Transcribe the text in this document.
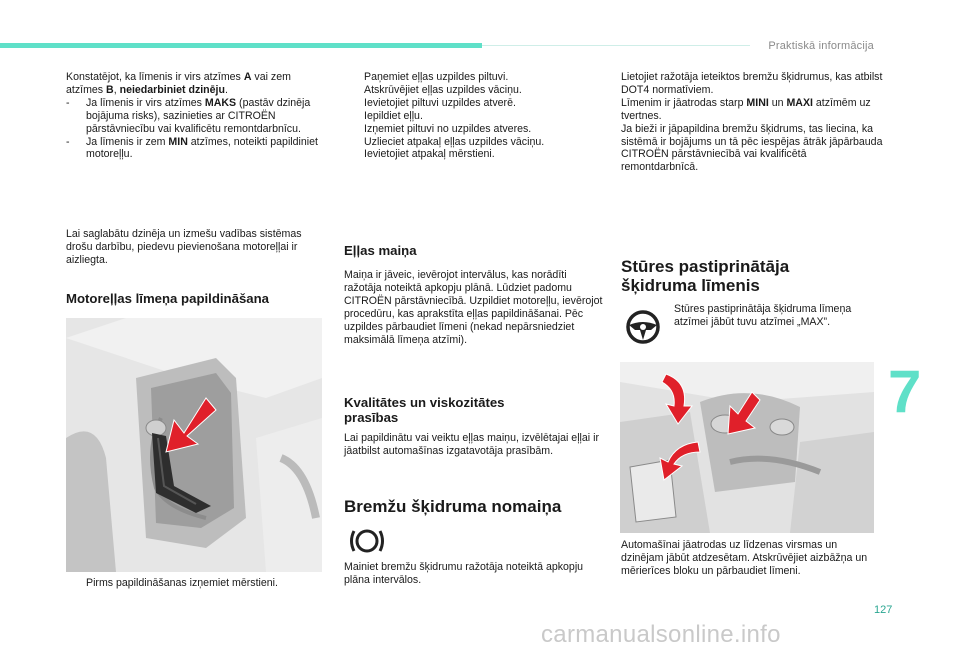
Praktiskā informācija
Konstatējot, ka līmenis ir virs atzīmes A vai zem atzīmes B, neiedarbiniet dzinēju.
- Ja līmenis ir virs atzīmes MAKS (pastāv dzinēja bojājuma risks), sazinieties ar CITROËN pārstāvniecību vai kvalificētu remontdarbnīcu.
- Ja līmenis ir zem MIN atzīmes, noteikti papildiniet motoreļļu.
Lai saglabātu dzinēja un izmešu vadības sistēmas drošu darbību, piedevu pievienošana motoreļļai ir aizliegta.
Motoreļļas līmeņa papildināšana
Pirms papildināšanas izņemiet mērstieni.
Paņemiet eļļas uzpildes piltuvi.
Atskrūvējiet eļļas uzpildes vāciņu.
Ievietojiet piltuvi uzpildes atverē.
Iepildiet eļļu.
Izņemiet piltuvi no uzpildes atveres.
Uzlieciet atpakaļ eļļas uzpildes vāciņu.
Ievietojiet atpakaļ mērstieni.
Eļļas maiņa
Maiņa ir jāveic, ievērojot intervālus, kas norādīti ražotāja noteiktā apkopju plānā. Lūdziet padomu CITROËN pārstāvniecībā. Uzpildiet motoreļļu, ievērojot procedūru, kas aprakstīta eļļas papildināšanai. Pēc uzpildes pārbaudiet līmeni (nekad nepārsniedziet maksimālā līmeņa atzīmi).
Kvalitātes un viskozitātes
prasības
Lai papildinātu vai veiktu eļļas maiņu, izvēlētajai eļļai ir jāatbilst automašīnas izgatavotāja prasībām.
Bremžu šķidruma nomaiņa
Mainiet bremžu šķidrumu ražotāja noteiktā apkopju plāna intervālos.
Lietojiet ražotāja ieteiktos bremžu šķidrumus, kas atbilst DOT4 normatīviem.
Līmenim ir jāatrodas starp MINI un MAXI atzīmēm uz tvertnes.
Ja bieži ir jāpapildina bremžu šķidrums, tas liecina, ka sistēmā ir bojājums un tā pēc iespējas ātrāk jāpārbauda CITROËN pārstāvniecībā vai kvalificētā remontdarbnīcā.
Stūres pastiprinātāja
šķidruma līmenis
Stūres pastiprinātāja šķidruma līmeņa atzīmei jābūt tuvu atzīmei „MAX”.
Automašīnai jāatrodas uz līdzenas virsmas un dzinējam jābūt atdzesētam. Atskrūvējiet aizbāžņa un mērierīces bloku un pārbaudiet līmeni.
7
127
carmanualsonline.info
